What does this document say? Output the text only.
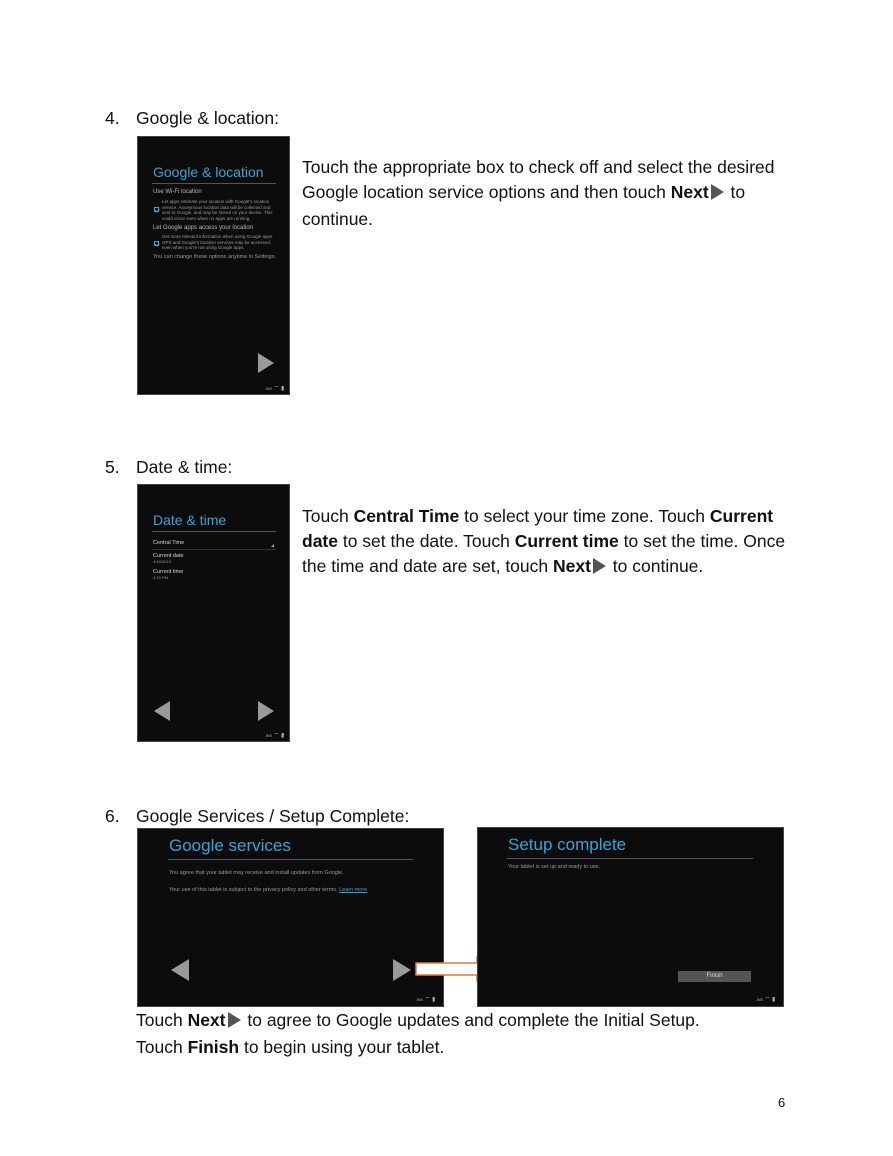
4. Google & location:
Google & location
Use Wi-Fi location
Let apps estimate your location with Google's location service. Anonymous location data will be collected and sent to Google, and may be stored on your device. This could occur even when no apps are running.
Let Google apps access your location
Get more relevant information when using Google apps. GPS and Google's location services may be accessed, even when you're not using Google apps.
You can change these options anytime in Settings.
JMS ⌔ ▮
Touch the appropriate box to check off and select the desired Google location service options and then touch Next to continue.
5. Date & time:
Date & time
Central Time
Current date
4/18/2013
Current time
3:15 PM
JMS ⌔ ▮
Touch Central Time to select your time zone. Touch Current date to set the date. Touch Current time to set the time. Once the time and date are set, touch Next to continue.
6. Google Services / Setup Complete:
Google services
You agree that your tablet may receive and install updates from Google.
Your use of this tablet is subject to the privacy policy and other terms. Learn more
JMS ⌔ ▮
Setup complete
Your tablet is set up and ready to use.
Finish
JMS ⌔ ▮
Touch Next to agree to Google updates and complete the Initial Setup.
Touch Finish to begin using your tablet.
6
